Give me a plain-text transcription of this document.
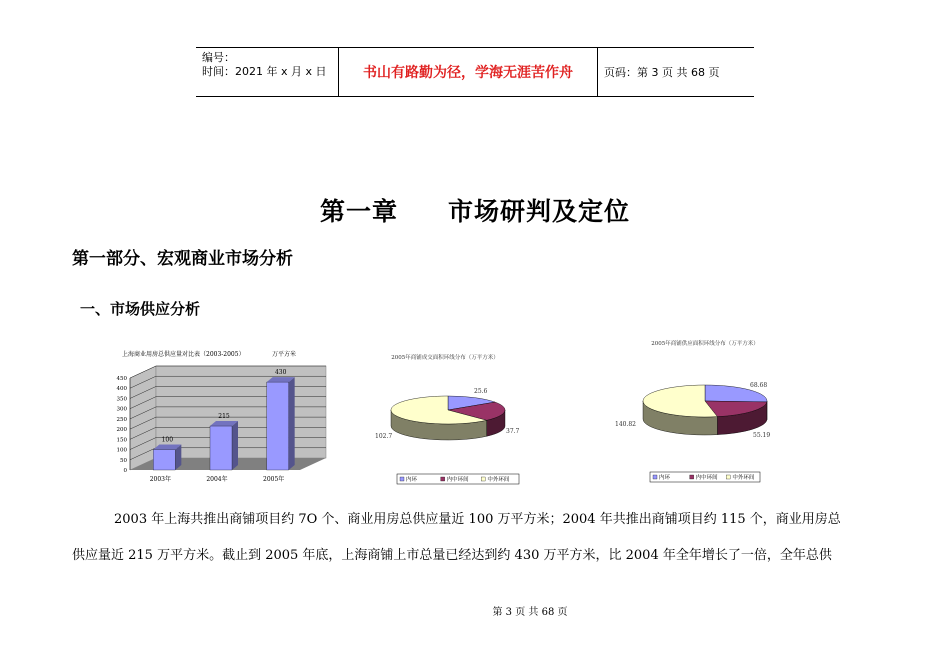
编号：
时间：2021 年 x 月 x 日	书山有路勤为径，学海无涯苦作舟	页码：第 3 页 共 68 页
第一章 市场研判及定位
第一部分、宏观商业市场分析
一、市场供应分析
上海商业用房总供应量对比表（2003-2005）	万平方米
0
50
100
150
200
250
300
350
400
450
100
2003年
215
2004年
430
2005年
2005年商铺成交面积环线分布（万平方米）
25.6
37.7
102.7
内环	内中环间	中外环间
2005年商铺供应面积环线分布（万平方米）
68.68
55.19
140.82
内环	内中环间	中外环间
2003 年上海共推出商铺项目约 7O 个、商业用房总供应量近 100 万平方米；2004 年共推出商铺项目约 115 个，商业用房总
供应量近 215 万平方米。截止到 2005 年底，上海商铺上市总量已经达到约 430 万平方米，比 2004 年全年增长了一倍，全年总供
第 3 页 共 68 页
